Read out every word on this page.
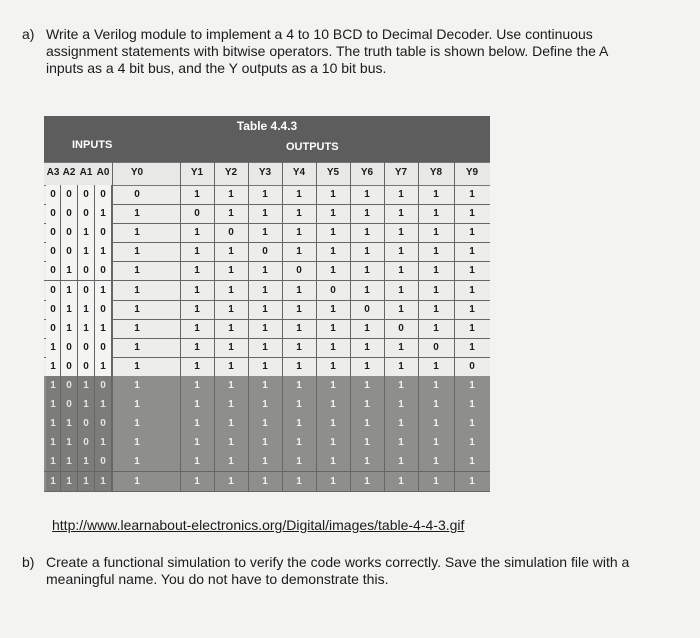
a) Write a Verilog module to implement a 4 to 10 BCD to Decimal Decoder. Use continuous
assignment statements with bitwise operators. The truth table is shown below. Define the A
inputs as a 4 bit bus, and the Y outputs as a 10 bit bus.
Table 4.4.3
INPUTS	OUTPUTS
A3 A2 A1 A0	Y0	Y1	Y2	Y3	Y4	Y5	Y6	Y7	Y8	Y9
0	0	0	0	0	1	1	1	1	1	1	1	1	1
0	0	0	1	1	0	1	1	1	1	1	1	1	1
0	0	1	0	1	1	0	1	1	1	1	1	1	1
0	0	1	1	1	1	1	0	1	1	1	1	1	1
0	1	0	0	1	1	1	1	0	1	1	1	1	1
0	1	0	1	1	1	1	1	1	0	1	1	1	1
0	1	1	0	1	1	1	1	1	1	0	1	1	1
0	1	1	1	1	1	1	1	1	1	1	0	1	1
1	0	0	0	1	1	1	1	1	1	1	1	0	1
1	0	0	1	1	1	1	1	1	1	1	1	1	0
1	0	1	0	1	1	1	1	1	1	1	1	1	1
1	0	1	1	1	1	1	1	1	1	1	1	1	1
1	1	0	0	1	1	1	1	1	1	1	1	1	1
1	1	0	1	1	1	1	1	1	1	1	1	1	1
1	1	1	0	1	1	1	1	1	1	1	1	1	1
1	1	1	1	1	1	1	1	1	1	1	1	1	1
http://www.learnabout-electronics.org/Digital/images/table-4-4-3.gif
b) Create a functional simulation to verify the code works correctly. Save the simulation file with a
meaningful name. You do not have to demonstrate this.
